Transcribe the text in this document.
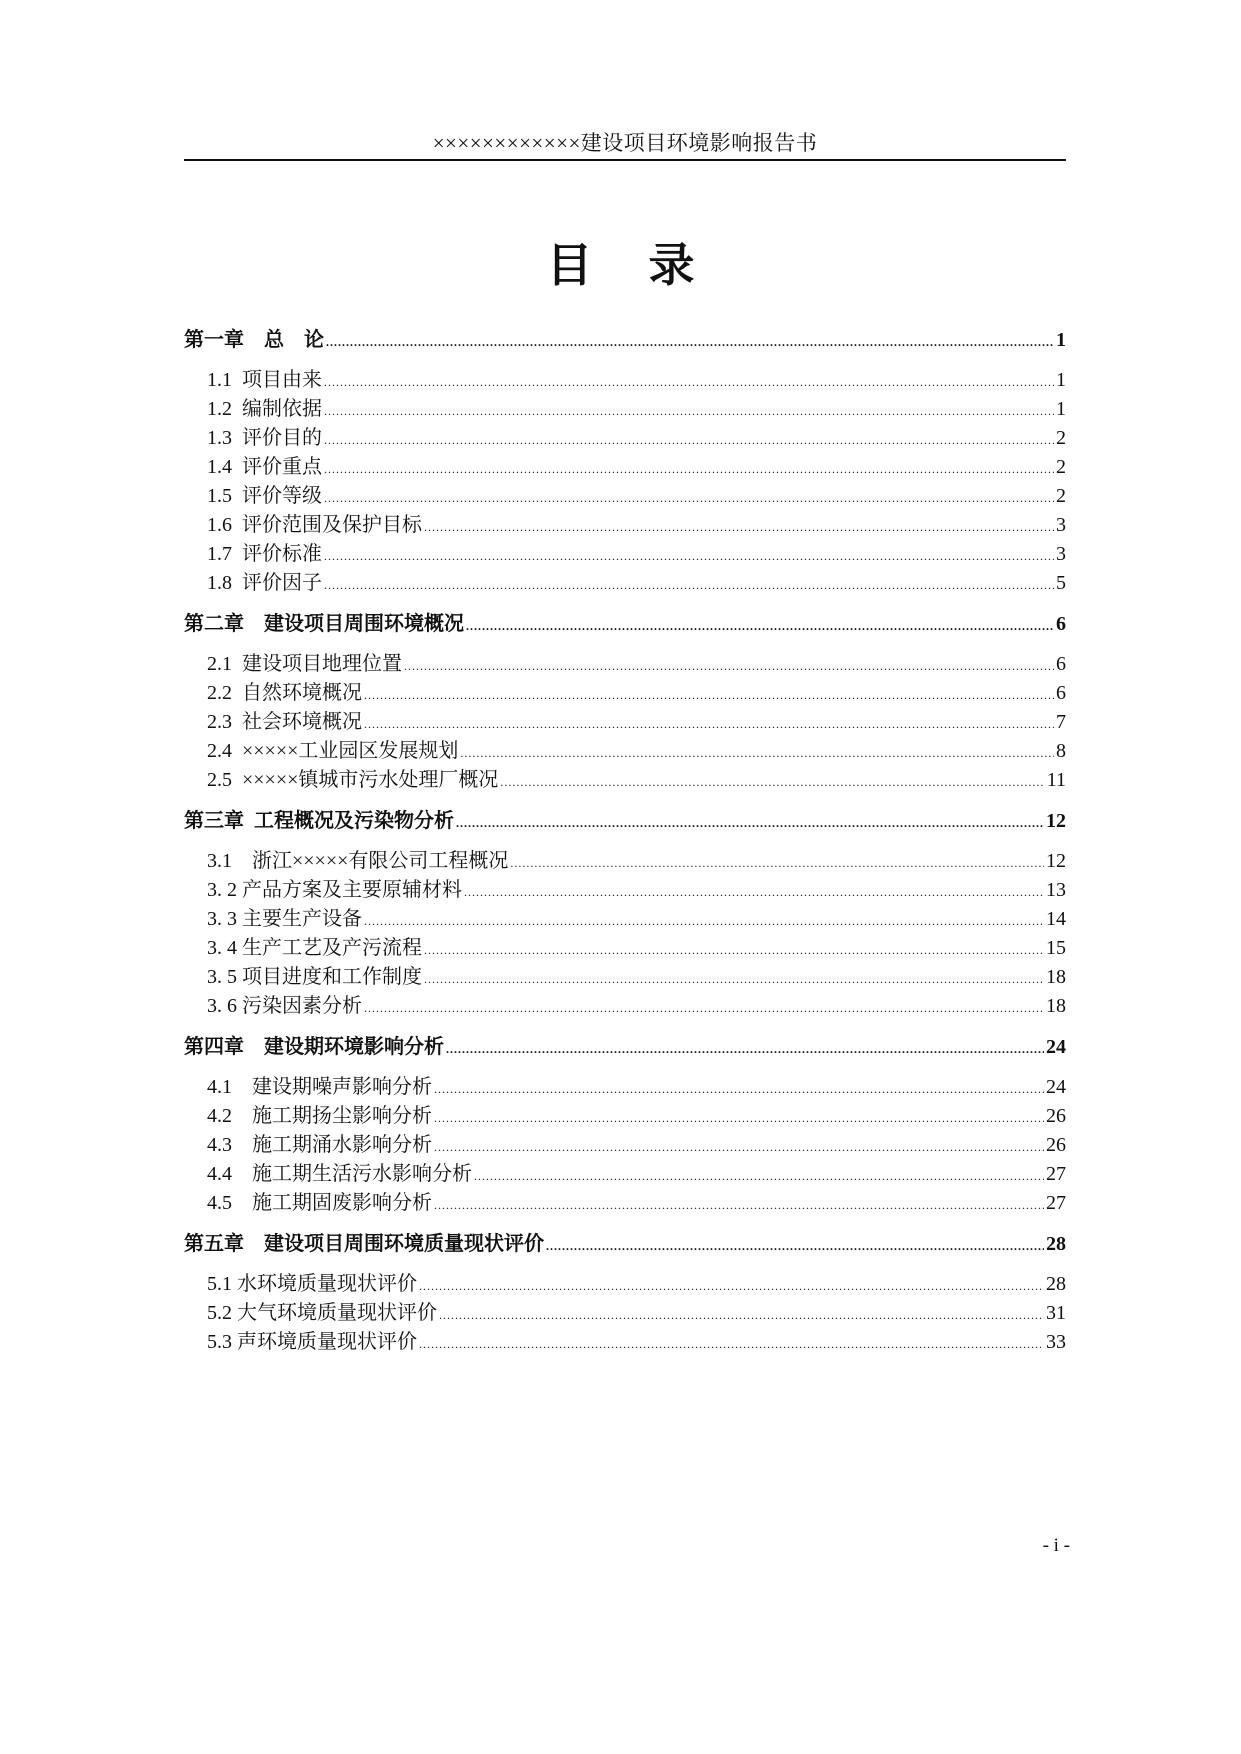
××××××××××××建设项目环境影响报告书
目 录
第一章　总　论 .....	1
1.1  项目由来 .....	1
1.2  编制依据 .....	1
1.3  评价目的 .....	2
1.4  评价重点 .....	2
1.5  评价等级 .....	2
1.6  评价范围及保护目标 .....	3
1.7  评价标准 .....	3
1.8  评价因子 .....	5
第二章　建设项目周围环境概况 .....	6
2.1  建设项目地理位置 .....	6
2.2  自然环境概况 .....	6
2.3  社会环境概况 .....	7
2.4  ×××××工业园区发展规划 .....	8
2.5  ×××××镇城市污水处理厂概况 .....	11
第三章  工程概况及污染物分析 .....	12
3.1    浙江×××××有限公司工程概况 .....	12
3. 2 产品方案及主要原辅材料 .....	13
3. 3 主要生产设备 .....	14
3. 4 生产工艺及产污流程 .....	15
3. 5 项目进度和工作制度 .....	18
3. 6 污染因素分析 .....	18
第四章　建设期环境影响分析 .....	24
4.1    建设期噪声影响分析 .....	24
4.2    施工期扬尘影响分析 .....	26
4.3    施工期涌水影响分析 .....	26
4.4    施工期生活污水影响分析 .....	27
4.5    施工期固废影响分析 .....	27
第五章　建设项目周围环境质量现状评价 .....	28
5.1 水环境质量现状评价 .....	28
5.2 大气环境质量现状评价 .....	31
5.3 声环境质量现状评价 .....	33
- i -
